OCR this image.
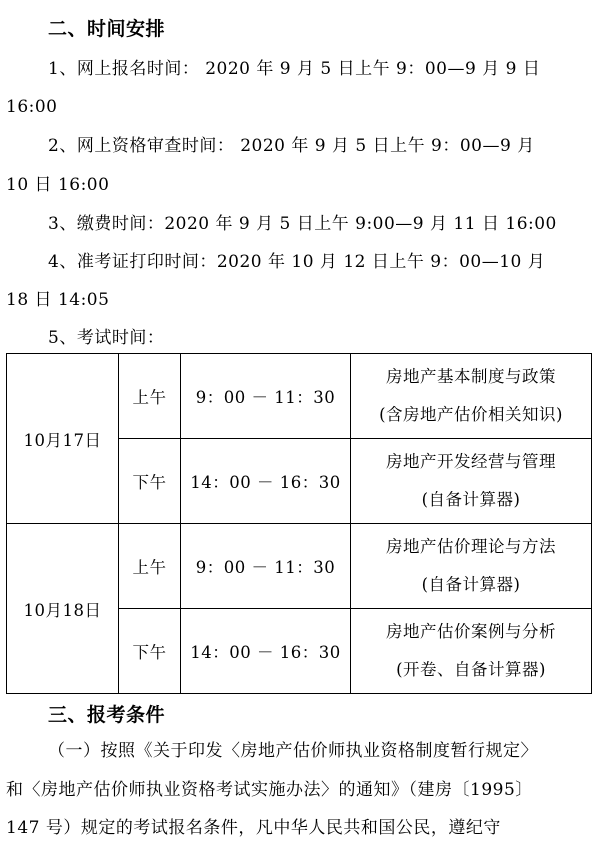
二、时间安排
1、网上报名时间： 2020 年 9 月 5 日上午 9：00—9 月 9 日
16:00
2、网上资格审查时间： 2020 年 9 月 5 日上午 9：00—9 月
10 日 16:00
3、缴费时间：2020 年 9 月 5 日上午 9:00—9 月 11 日 16:00
4、准考证打印时间：2020 年 10 月 12 日上午 9：00—10 月
18 日 14:05
5、考试时间：
10月17日	上午	9：00 － 11：30	房地产基本制度与政策
(含房地产估价相关知识)

	下午	14：00 － 16：30	房地产开发经营与管理
(自备计算器)

10月18日	上午	9：00 － 11：30	房地产估价理论与方法
(自备计算器)

	下午	14：00 － 16：30	房地产估价案例与分析
(开卷、自备计算器)
三、报考条件
（一）按照《关于印发〈房地产估价师执业资格制度暂行规定〉
和〈房地产估价师执业资格考试实施办法〉的通知》（建房〔1995〕
147 号）规定的考试报名条件，凡中华人民共和国公民，遵纪守
